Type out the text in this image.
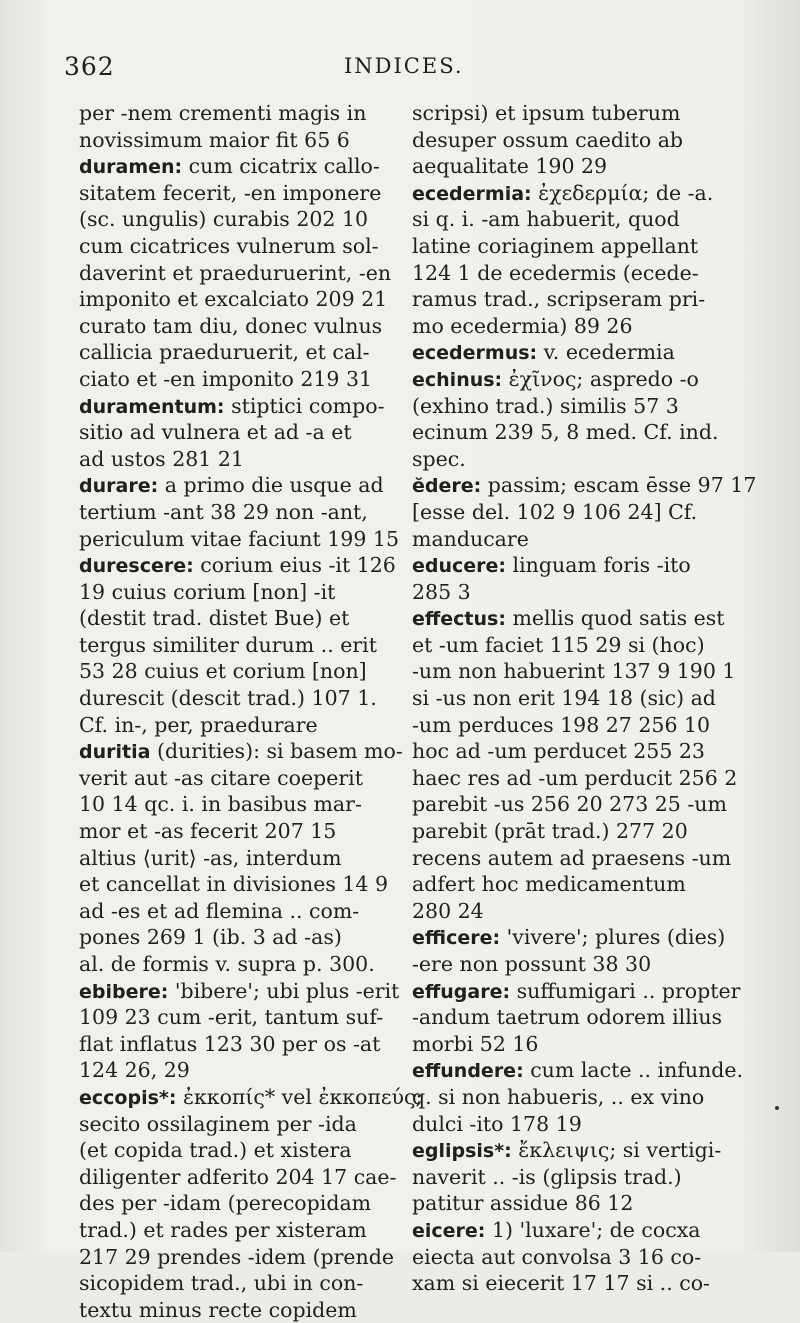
362	INDICES.
per -nem crementi magis in
novissimum maior fit 65 6
duramen: cum cicatrix callo-
sitatem fecerit, -en imponere
(sc. ungulis) curabis 202 10
cum cicatrices vulnerum sol-
daverint et praeduruerint, -en
imponito et excalciato 209 21
curato tam diu, donec vulnus
callicia praeduruerit, et cal-
ciato et -en imponito 219 31
duramentum: stiptici compo-
sitio ad vulnera et ad -a et
ad ustos 281 21
durare: a primo die usque ad
tertium -ant 38 29 non -ant,
periculum vitae faciunt 199 15
durescere: corium eius -it 126
19 cuius corium [non] -it
(destit trad. distet Bue) et
tergus similiter durum .. erit
53 28 cuius et corium [non]
durescit (descit trad.) 107 1.
Cf. in-, per, praedurare
duritia (durities): si basem mo-
verit aut -as citare coeperit
10 14 qc. i. in basibus mar-
mor et -as fecerit 207 15
altius ⟨urit⟩ -as, interdum
et cancellat in divisiones 14 9
ad -es et ad flemina .. com-
pones 269 1 (ib. 3 ad -as)
al. de formis v. supra p. 300.
ebibere: 'bibere'; ubi plus -erit
109 23 cum -erit, tantum suf-
flat inflatus 123 30 per os -at
124 26, 29
eccopis*: ἐκκοπίς* vel ἐκκοπεύς;
secito ossilaginem per -ida
(et copida trad.) et xistera
diligenter adferito 204 17 cae-
des per -idam (perecopidam
trad.) et rades per xisteram
217 29 prendes -idem (prende
sicopidem trad., ubi in con-
textu minus recte copidem
scripsi) et ipsum tuberum
desuper ossum caedito ab
aequalitate 190 29
ecedermia: ἐχεδερμία; de -a.
si q. i. -am habuerit, quod
latine coriaginem appellant
124 1 de ecedermis (ecede-
ramus trad., scripseram pri-
mo ecedermia) 89 26
ecedermus: v. ecedermia
echinus: ἐχῖνος; aspredo -o
(exhino trad.) similis 57 3
ecinum 239 5, 8 med. Cf. ind.
spec.
ĕdere: passim; escam ēsse 97 17
[esse del. 102 9 106 24] Cf.
manducare
educere: linguam foris -ito
285 3
effectus: mellis quod satis est
et -um faciet 115 29 si (hoc)
-um non habuerint 137 9 190 1
si -us non erit 194 18 (sic) ad
-um perduces 198 27 256 10
hoc ad -um perducet 255 23
haec res ad -um perducit 256 2
parebit -us 256 20 273 25 -um
parebit (prāt trad.) 277 20
recens autem ad praesens -um
adfert hoc medicamentum
280 24
efficere: 'vivere'; plures (dies)
-ere non possunt 38 30
effugare: suffumigari .. propter
-andum taetrum odorem illius
morbi 52 16
effundere: cum lacte .. infunde.
q. si non habueris, .. ex vino
dulci -ito 178 19
eglipsis*: ἔκλειψις; si vertigi-
naverit .. -is (glipsis trad.)
patitur assidue 86 12
eicere: 1) 'luxare'; de cocxa
eiecta aut convolsa 3 16 co-
xam si eiecerit 17 17 si .. co-
